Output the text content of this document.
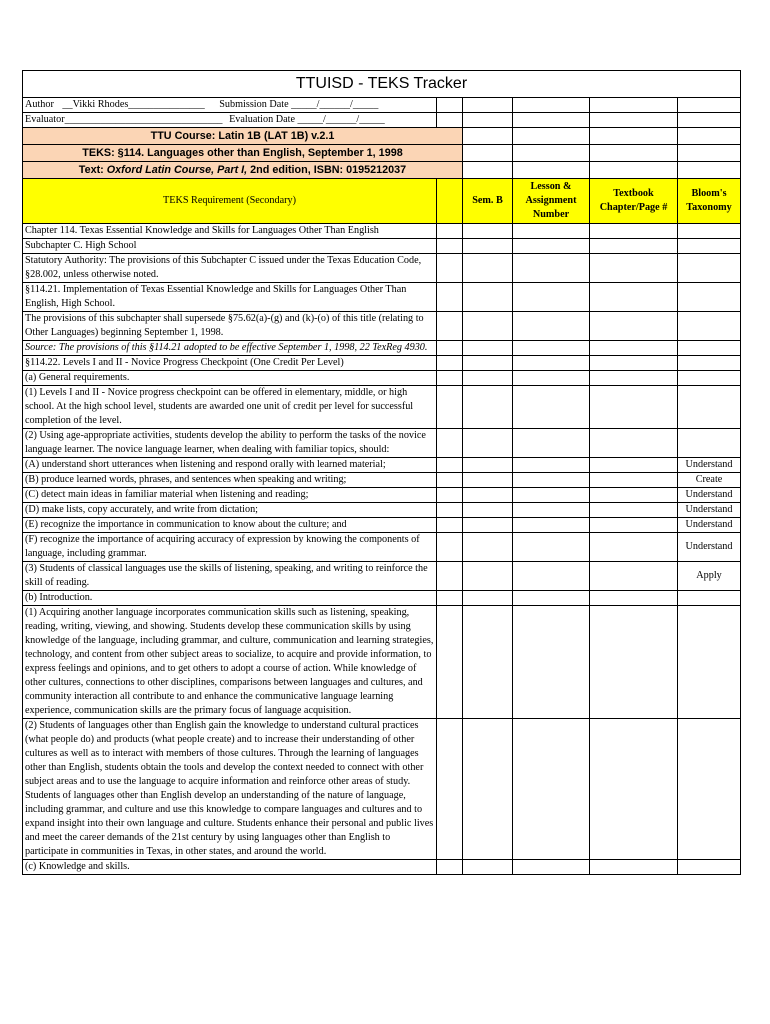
TTUISD - TEKS Tracker					
Author __Vikki Rhodes_______________ Submission Date _____/______/_____					
Evaluator_______________________________ Evaluation Date _____/______/_____					
TTU Course: Latin 1B (LAT 1B) v.2.1					
TEKS: §114. Languages other than English, September 1, 1998					
Text: Oxford Latin Course, Part I, 2nd edition, ISBN: 0195212037					
TEKS Requirement (Secondary)		Sem. B	Lesson & Assignment Number	Textbook Chapter/Page #	Bloom's Taxonomy
Chapter 114. Texas Essential Knowledge and Skills for Languages Other Than English					
Subchapter C. High School					
Statutory Authority: The provisions of this Subchapter C issued under the Texas Education Code, §28.002, unless otherwise noted.					
§114.21. Implementation of Texas Essential Knowledge and Skills for Languages Other Than English, High School.					
The provisions of this subchapter shall supersede §75.62(a)-(g) and (k)-(o) of this title (relating to Other Languages) beginning September 1, 1998.					
Source: The provisions of this §114.21 adopted to be effective September 1, 1998, 22 TexReg 4930.					
§114.22. Levels I and II - Novice Progress Checkpoint (One Credit Per Level)					
(a) General requirements.					
(1) Levels I and II - Novice progress checkpoint can be offered in elementary, middle, or high school. At the high school level, students are awarded one unit of credit per level for successful completion of the level.					
(2) Using age-appropriate activities, students develop the ability to perform the tasks of the novice language learner. The novice language learner, when dealing with familiar topics, should:					
(A) understand short utterances when listening and respond orally with learned material;					Understand
(B) produce learned words, phrases, and sentences when speaking and writing;					Create
(C) detect main ideas in familiar material when listening and reading;					Understand
(D) make lists, copy accurately, and write from dictation;					Understand
(E) recognize the importance in communication to know about the culture; and					Understand
(F) recognize the importance of acquiring accuracy of expression by knowing the components of language, including grammar.					Understand
(3) Students of classical languages use the skills of listening, speaking, and writing to reinforce the skill of reading.					Apply
(b) Introduction.					
(1) Acquiring another language incorporates communication skills such as listening, speaking, reading, writing, viewing, and showing. Students develop these communication skills by using knowledge of the language, including grammar, and culture, communication and learning strategies, technology, and content from other subject areas to socialize, to acquire and provide information, to express feelings and opinions, and to get others to adopt a course of action. While knowledge of other cultures, connections to other disciplines, comparisons between languages and cultures, and community interaction all contribute to and enhance the communicative language learning experience, communication skills are the primary focus of language acquisition.					
(2) Students of languages other than English gain the knowledge to understand cultural practices (what people do) and products (what people create) and to increase their understanding of other cultures as well as to interact with members of those cultures. Through the learning of languages other than English, students obtain the tools and develop the context needed to connect with other subject areas and to use the language to acquire information and reinforce other areas of study. Students of languages other than English develop an understanding of the nature of language, including grammar, and culture and use this knowledge to compare languages and cultures and to expand insight into their own language and culture. Students enhance their personal and public lives and meet the career demands of the 21st century by using languages other than English to participate in communities in Texas, in other states, and around the world.					
(c) Knowledge and skills.					
